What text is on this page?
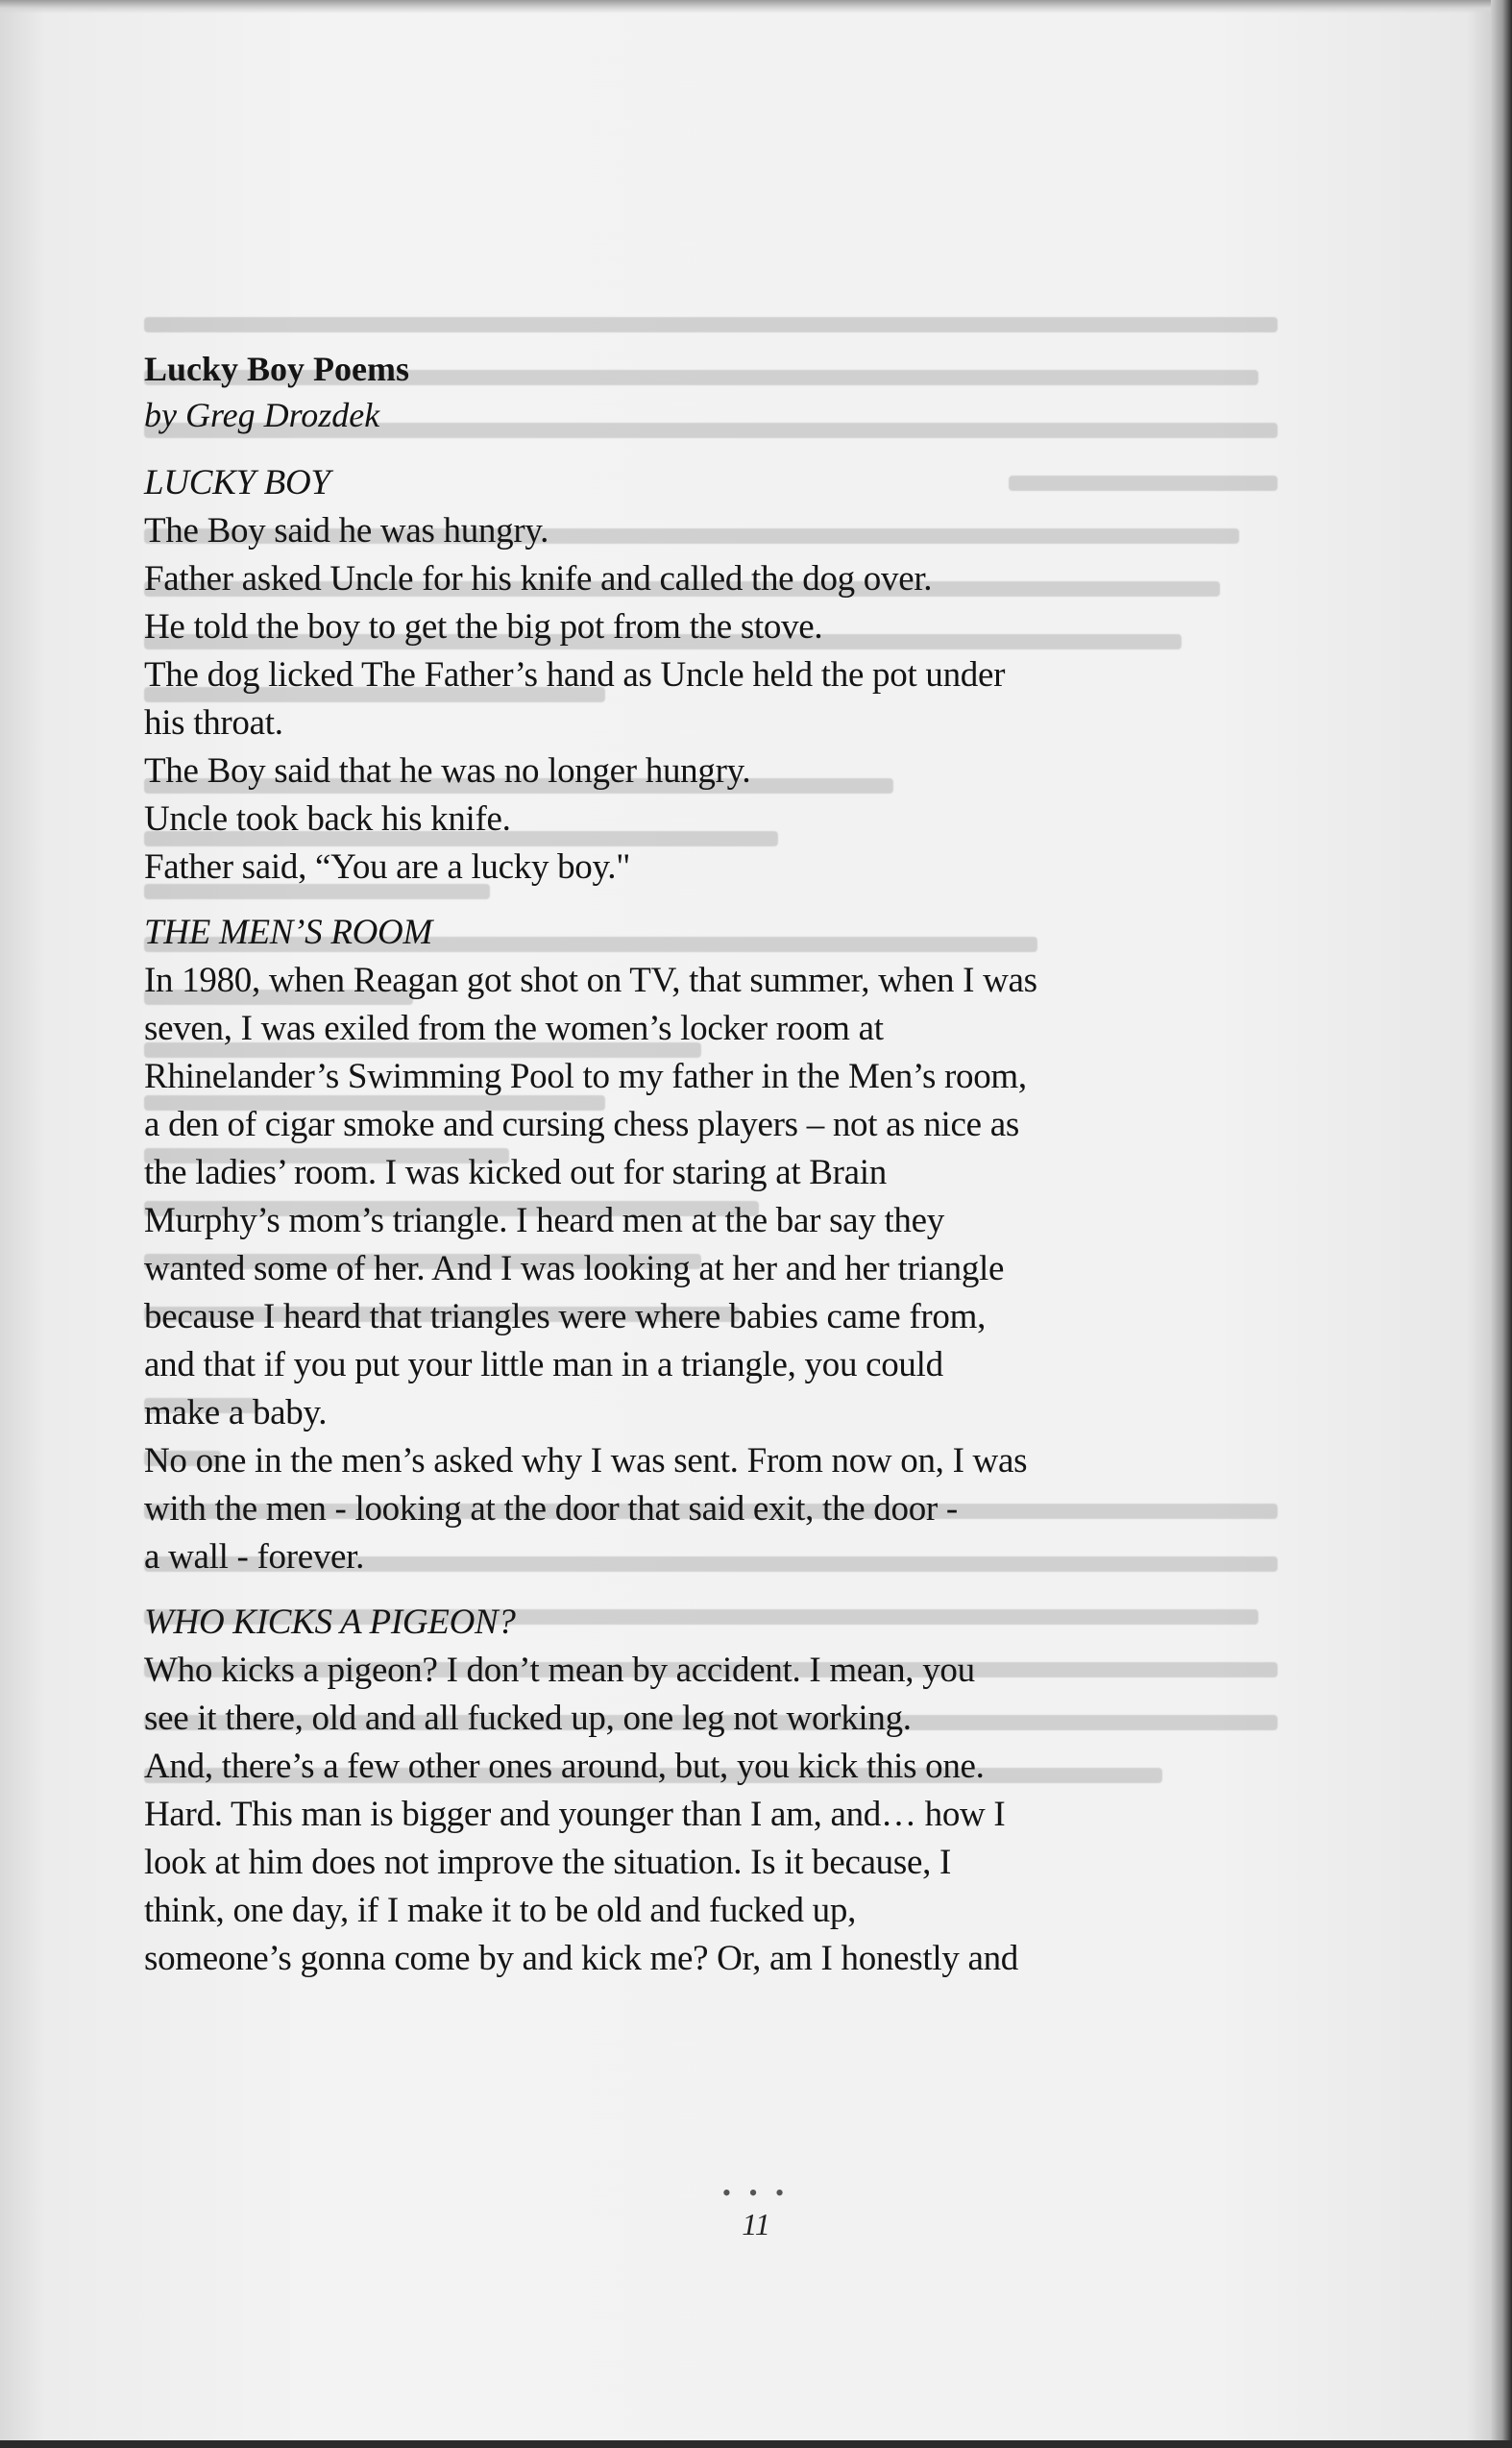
Lucky Boy Poems

by Greg Drozdek

LUCKY BOY

The Boy said he was hungry.

Father asked Uncle for his knife and called the dog over.

He told the boy to get the big pot from the stove.

The dog licked The Father’s hand as Uncle held the pot under

his throat.

The Boy said that he was no longer hungry.

Uncle took back his knife.

Father said, “You are a lucky boy."

THE MEN’S ROOM

In 1980, when Reagan got shot on TV, that summer, when I was

seven, I was exiled from the women’s locker room at

Rhinelander’s Swimming Pool to my father in the Men’s room,

a den of cigar smoke and cursing chess players – not as nice as

the ladies’ room. I was kicked out for staring at Brain

Murphy’s mom’s triangle. I heard men at the bar say they

wanted some of her. And I was looking at her and her triangle

because I heard that triangles were where babies came from,

and that if you put your little man in a triangle, you could

make a baby.

No one in the men’s asked why I was sent. From now on, I was

with the men - looking at the door that said exit, the door -

a wall - forever.

WHO KICKS A PIGEON?

Who kicks a pigeon? I don’t mean by accident. I mean, you

see it there, old and all fucked up, one leg not working.

And, there’s a few other ones around, but, you kick this one.

Hard. This man is bigger and younger than I am, and… how I

look at him does not improve the situation. Is it because, I

think, one day, if I make it to be old and fucked up,

someone’s gonna come by and kick me? Or, am I honestly and

• • •
11
